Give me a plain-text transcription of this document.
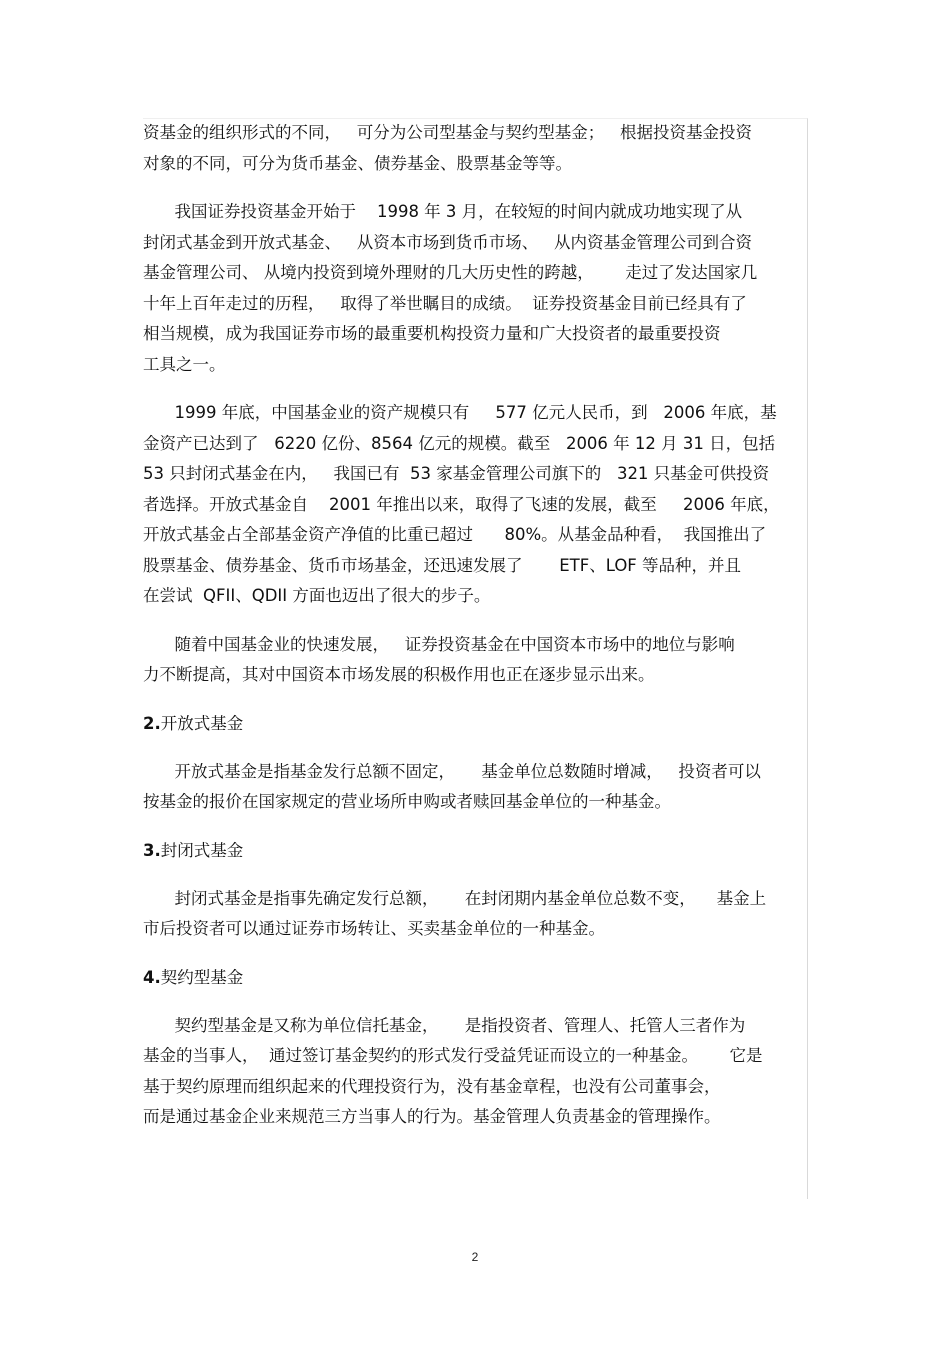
资基金的组织形式的不同，   可分为公司型基金与契约型基金；   根据投资基金投资
对象的不同，可分为货币基金、债券基金、股票基金等等。
我国证券投资基金开始于    1998 年 3 月，在较短的时间内就成功地实现了从
封闭式基金到开放式基金、   从资本市场到货币市场、   从内资基金管理公司到合资
基金管理公司、 从境内投资到境外理财的几大历史性的跨越，      走过了发达国家几
十年上百年走过的历程，   取得了举世瞩目的成绩。  证券投资基金目前已经具有了
相当规模，成为我国证券市场的最重要机构投资力量和广大投资者的最重要投资
工具之一。
1999 年底，中国基金业的资产规模只有     577 亿元人民币，到   2006 年底，基
金资产已达到了   6220 亿份、8564 亿元的规模。截至   2006 年 12 月 31 日，包括
53 只封闭式基金在内，   我国已有  53 家基金管理公司旗下的   321 只基金可供投资
者选择。开放式基金自    2001 年推出以来，取得了飞速的发展，截至     2006 年底，
开放式基金占全部基金资产净值的比重已超过      80%。从基金品种看，  我国推出了
股票基金、债券基金、货币市场基金，还迅速发展了       ETF、LOF 等品种，并且
在尝试  QFII、QDII 方面也迈出了很大的步子。
随着中国基金业的快速发展，   证券投资基金在中国资本市场中的地位与影响
力不断提高，其对中国资本市场发展的积极作用也正在逐步显示出来。
2.开放式基金
开放式基金是指基金发行总额不固定，     基金单位总数随时增减，   投资者可以
按基金的报价在国家规定的营业场所申购或者赎回基金单位的一种基金。
3.封闭式基金
封闭式基金是指事先确定发行总额，     在封闭期内基金单位总数不变，    基金上
市后投资者可以通过证券市场转让、买卖基金单位的一种基金。
4.契约型基金
契约型基金是又称为单位信托基金，     是指投资者、管理人、托管人三者作为
基金的当事人，  通过签订基金契约的形式发行受益凭证而设立的一种基金。      它是
基于契约原理而组织起来的代理投资行为，没有基金章程，也没有公司董事会，
而是通过基金企业来规范三方当事人的行为。基金管理人负责基金的管理操作。
2
